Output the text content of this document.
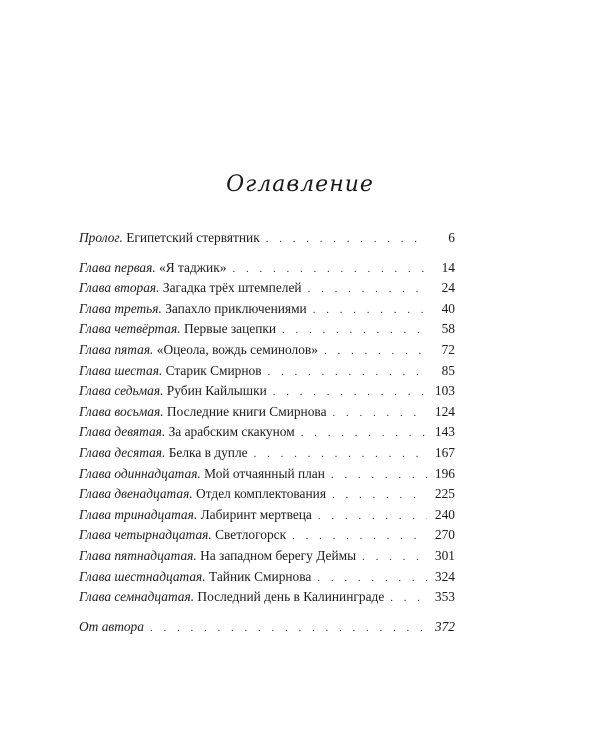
Оглавление
Пролог. Египетский стервятник . . .	6
Глава первая. «Я таджик» . . .	14
Глава вторая. Загадка трёх штемпелей . . .	24
Глава третья. Запахло приключениями . . .	40
Глава четвёртая. Первые зацепки . . .	58
Глава пятая. «Оцеола, вождь семинолов» . . .	72
Глава шестая. Старик Смирнов . . .	85
Глава седьмая. Рубин Кайлышки . . .	103
Глава восьмая. Последние книги Смирнова . . .	124
Глава девятая. За арабским скакуном . . .	143
Глава десятая. Белка в дупле . . .	167
Глава одиннадцатая. Мой отчаянный план . . .	196
Глава двенадцатая. Отдел комплектования . . .	225
Глава тринадцатая. Лабиринт мертвеца . . .	240
Глава четырнадцатая. Светлогорск . . .	270
Глава пятнадцатая. На западном берегу Деймы . . .	301
Глава шестнадцатая. Тайник Смирнова . . .	324
Глава семнадцатая. Последний день в Калининграде . . .	353
От автора . . .	372
